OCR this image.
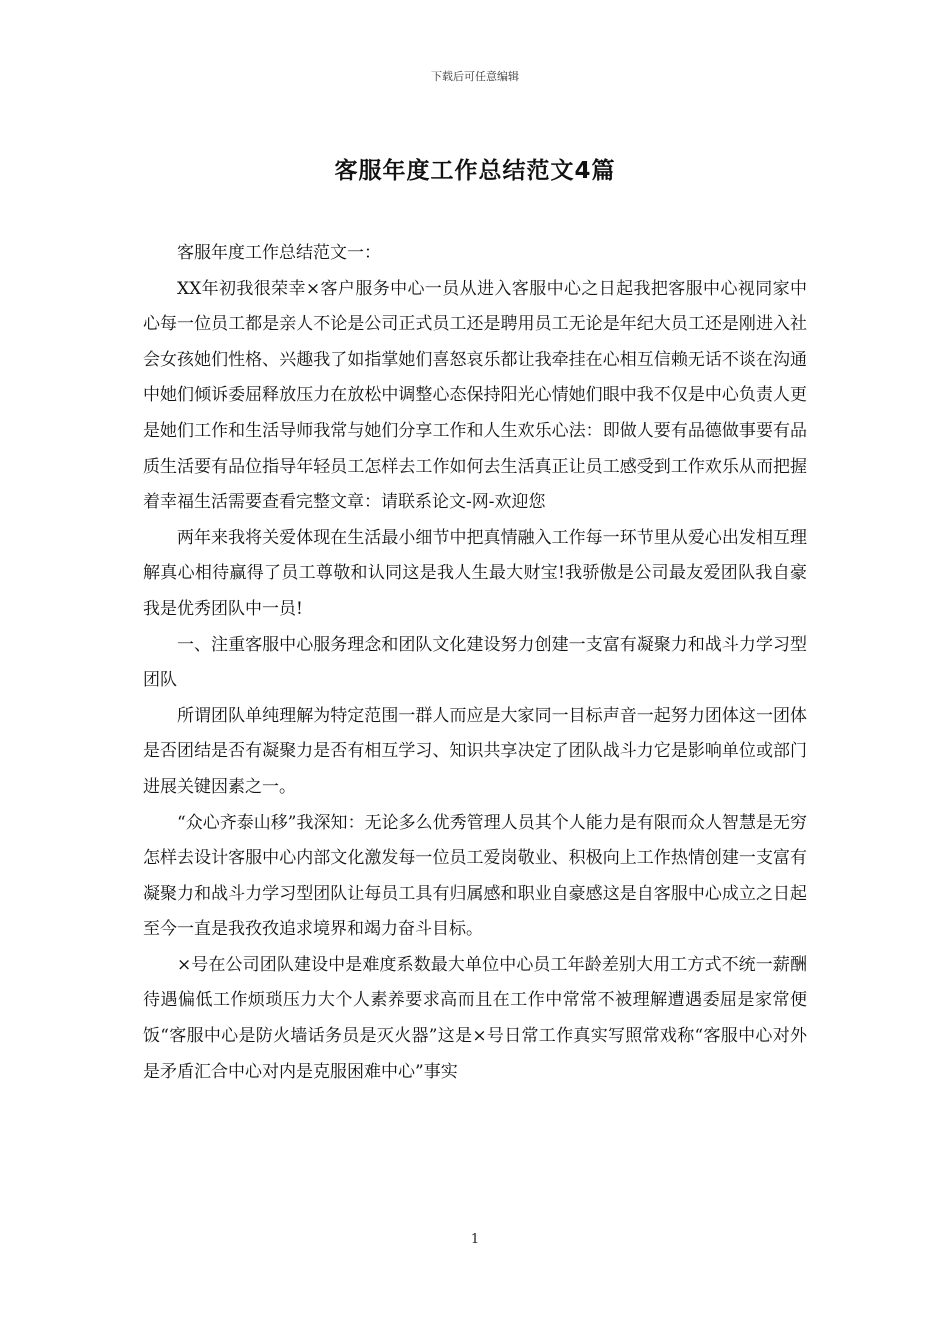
下载后可任意编辑
客服年度工作总结范文4篇

客服年度工作总结范文一：

XX年初我很荣幸×客户服务中心一员从进入客服中心之日起我把客服中心视同家中心每一位员工都是亲人不论是公司正式员工还是聘用员工无论是年纪大员工还是刚进入社会女孩她们性格、兴趣我了如指掌她们喜怒哀乐都让我牵挂在心相互信赖无话不谈在沟通中她们倾诉委屈释放压力在放松中调整心态保持阳光心情她们眼中我不仅是中心负责人更是她们工作和生活导师我常与她们分享工作和人生欢乐心法：即做人要有品德做事要有品质生活要有品位指导年轻员工怎样去工作如何去生活真正让员工感受到工作欢乐从而把握着幸福生活需要查看完整文章：请联系论文-网-欢迎您

两年来我将关爱体现在生活最小细节中把真情融入工作每一环节里从爱心出发相互理解真心相待赢得了员工尊敬和认同这是我人生最大财宝!我骄傲是公司最友爱团队我自豪我是优秀团队中一员!

一、注重客服中心服务理念和团队文化建设努力创建一支富有凝聚力和战斗力学习型团队

所谓团队单纯理解为特定范围一群人而应是大家同一目标声音一起努力团体这一团体是否团结是否有凝聚力是否有相互学习、知识共享决定了团队战斗力它是影响单位或部门进展关键因素之一。

“众心齐泰山移”我深知：无论多么优秀管理人员其个人能力是有限而众人智慧是无穷怎样去设计客服中心内部文化激发每一位员工爱岗敬业、积极向上工作热情创建一支富有凝聚力和战斗力学习型团队让每员工具有归属感和职业自豪感这是自客服中心成立之日起至今一直是我孜孜追求境界和竭力奋斗目标。

×号在公司团队建设中是难度系数最大单位中心员工年龄差别大用工方式不统一薪酬待遇偏低工作烦琐压力大个人素养要求高而且在工作中常常不被理解遭遇委屈是家常便饭“客服中心是防火墙话务员是灭火器”这是×号日常工作真实写照常戏称“客服中心对外是矛盾汇合中心对内是克服困难中心”事实

1
